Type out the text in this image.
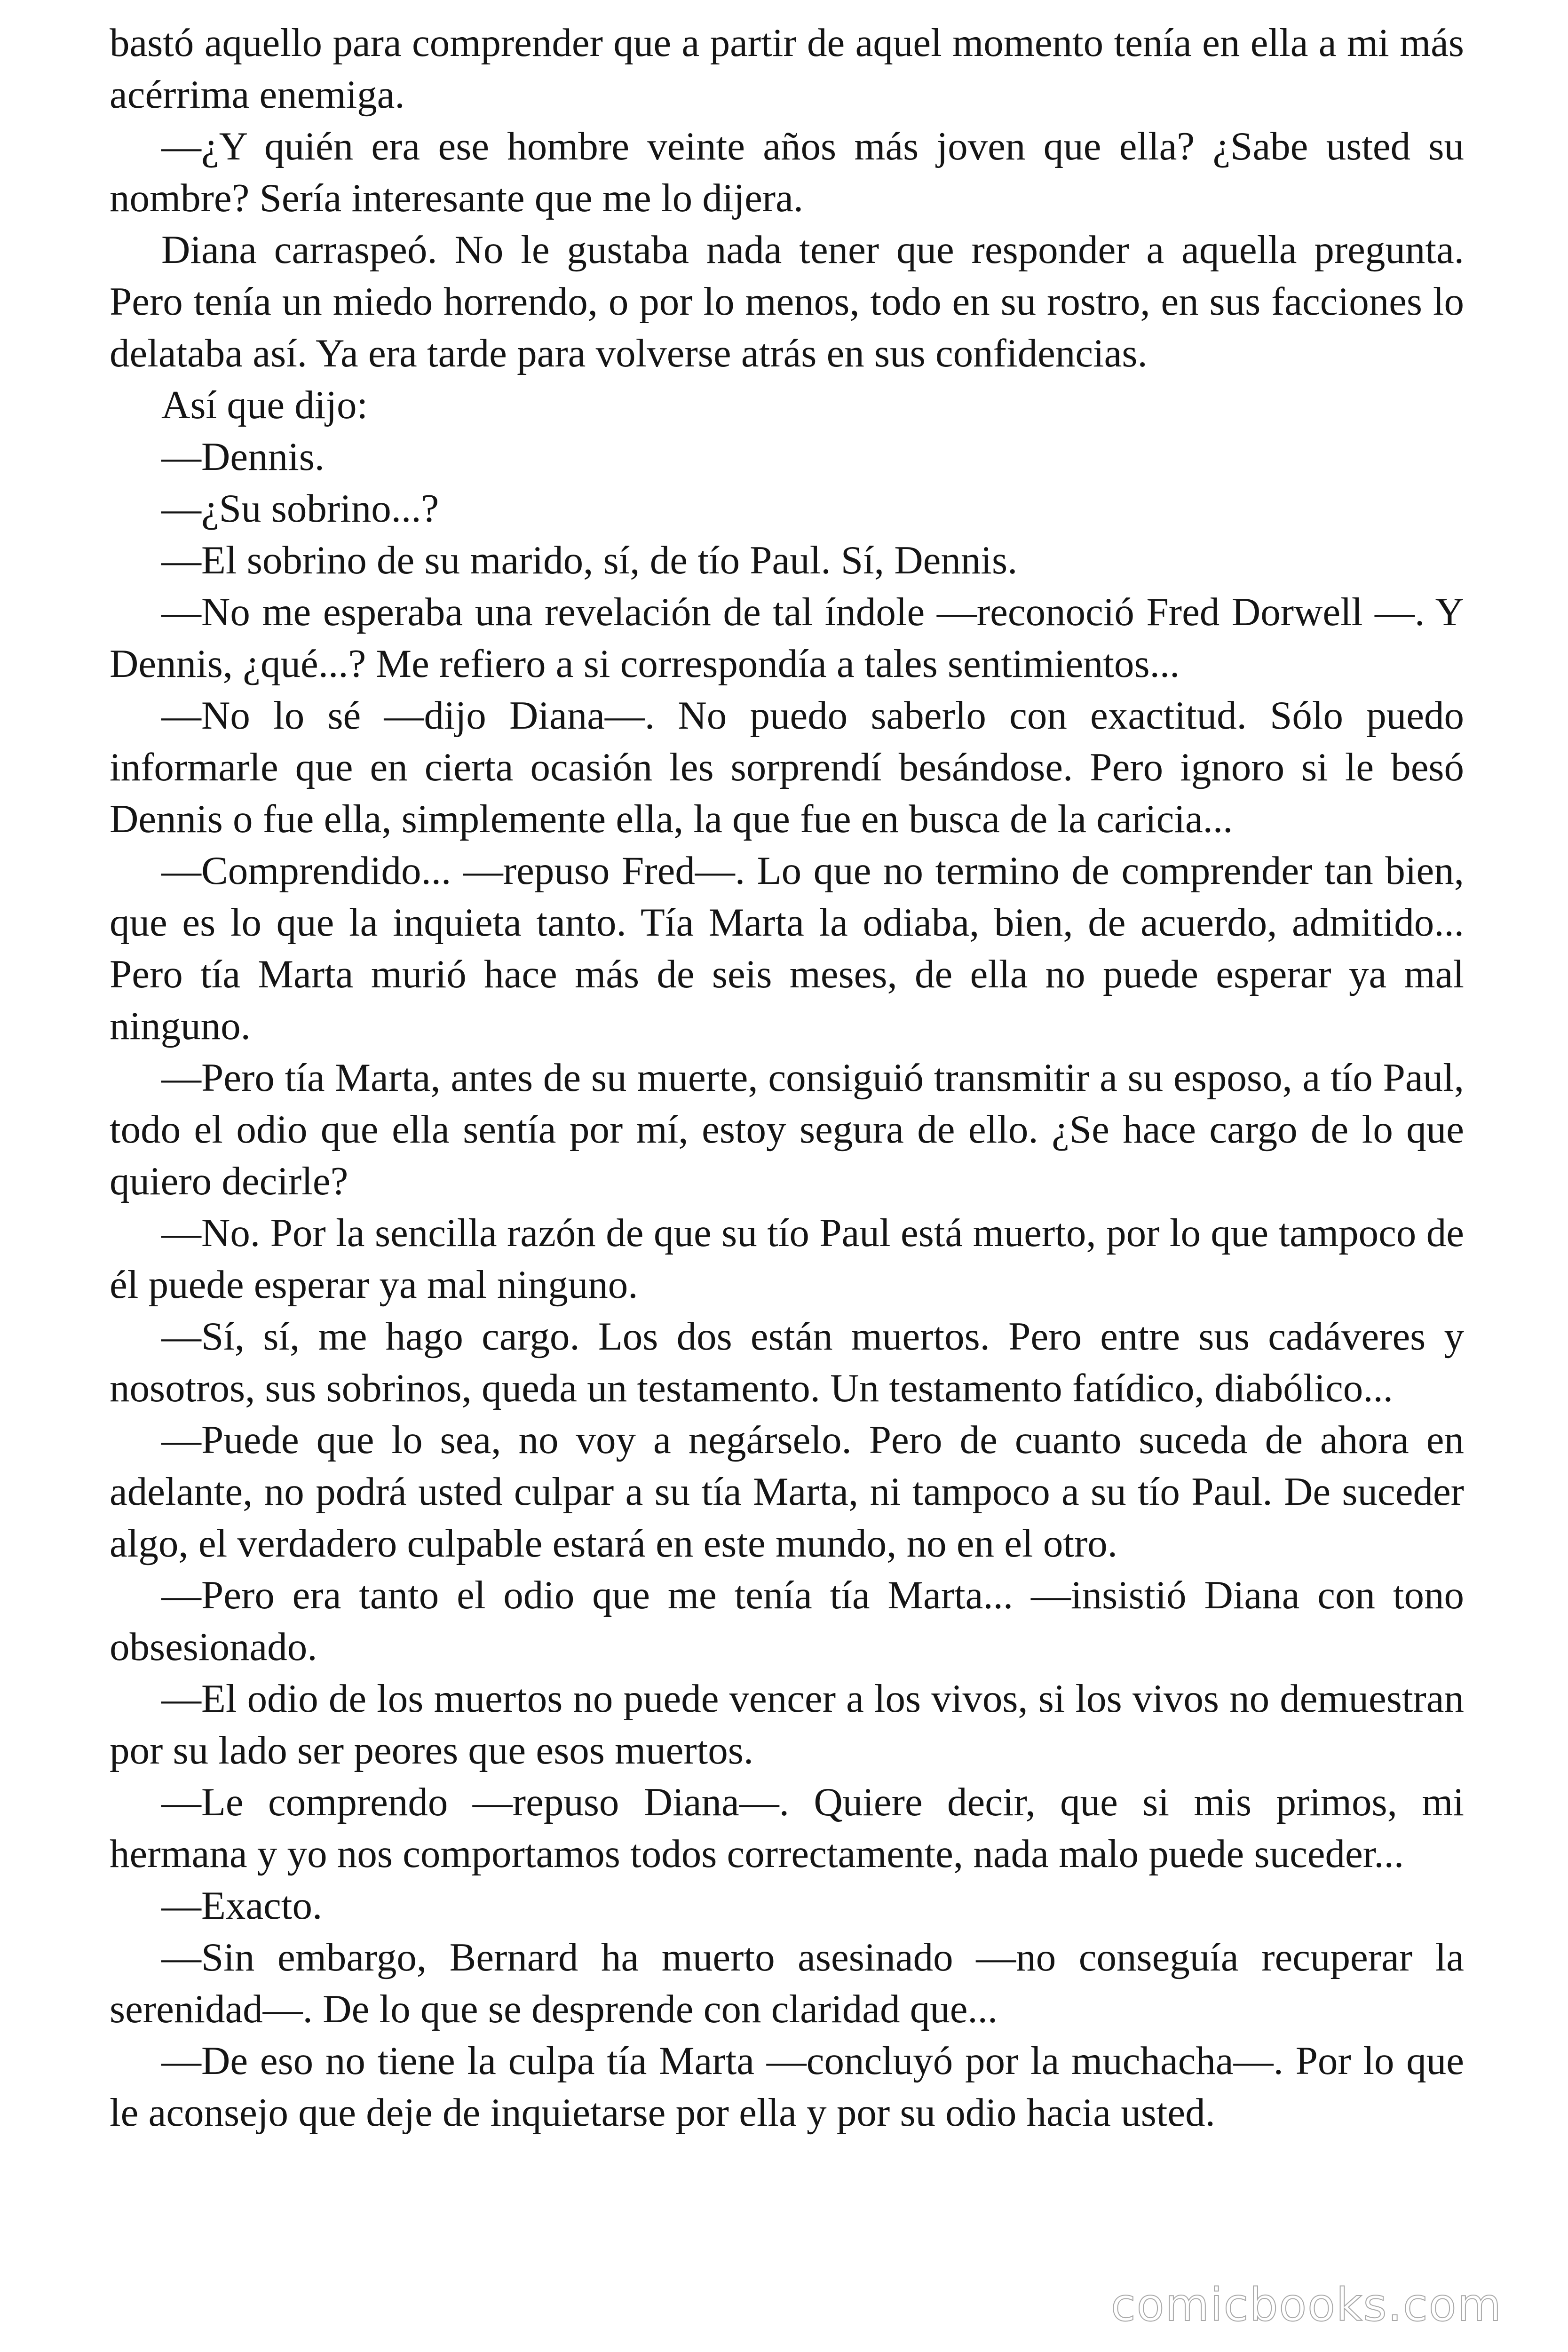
bastó aquello para comprender que a partir de aquel momento tenía en ella a mi más acérrima enemiga.

—¿Y quién era ese hombre veinte años más joven que ella? ¿Sabe usted su nombre? Sería interesante que me lo dijera.

Diana carraspeó. No le gustaba nada tener que responder a aquella pregunta. Pero tenía un miedo horrendo, o por lo menos, todo en su rostro, en sus facciones lo delataba así. Ya era tarde para volverse atrás en sus confidencias.

Así que dijo:

—Dennis.

—¿Su sobrino...?

—El sobrino de su marido, sí, de tío Paul. Sí, Dennis.

—No me esperaba una revelación de tal índole —reconoció Fred Dorwell —. Y Dennis, ¿qué...? Me refiero a si correspondía a tales sentimientos...

—No lo sé —dijo Diana—. No puedo saberlo con exactitud. Sólo puedo informarle que en cierta ocasión les sorprendí besándose. Pero ignoro si le besó Dennis o fue ella, simplemente ella, la que fue en busca de la caricia...

—Comprendido... —repuso Fred—. Lo que no termino de comprender tan bien, que es lo que la inquieta tanto. Tía Marta la odiaba, bien, de acuerdo, admitido... Pero tía Marta murió hace más de seis meses, de ella no puede esperar ya mal ninguno.

—Pero tía Marta, antes de su muerte, consiguió transmitir a su esposo, a tío Paul, todo el odio que ella sentía por mí, estoy segura de ello. ¿Se hace cargo de lo que quiero decirle?

—No. Por la sencilla razón de que su tío Paul está muerto, por lo que tampoco de él puede esperar ya mal ninguno.

—Sí, sí, me hago cargo. Los dos están muertos. Pero entre sus cadáveres y nosotros, sus sobrinos, queda un testamento. Un testamento fatídico, diabólico...

—Puede que lo sea, no voy a negárselo. Pero de cuanto suceda de ahora en adelante, no podrá usted culpar a su tía Marta, ni tampoco a su tío Paul. De suceder algo, el verdadero culpable estará en este mundo, no en el otro.

—Pero era tanto el odio que me tenía tía Marta... —insistió Diana con tono obsesionado.

—El odio de los muertos no puede vencer a los vivos, si los vivos no demuestran por su lado ser peores que esos muertos.

—Le comprendo —repuso Diana—. Quiere decir, que si mis primos, mi hermana y yo nos comportamos todos correctamente, nada malo puede suceder...

—Exacto.

—Sin embargo, Bernard ha muerto asesinado —no conseguía recuperar la serenidad—. De lo que se desprende con claridad que...

—De eso no tiene la culpa tía Marta —concluyó por la muchacha—. Por lo que le aconsejo que deje de inquietarse por ella y por su odio hacia usted.

comicbooks.com
